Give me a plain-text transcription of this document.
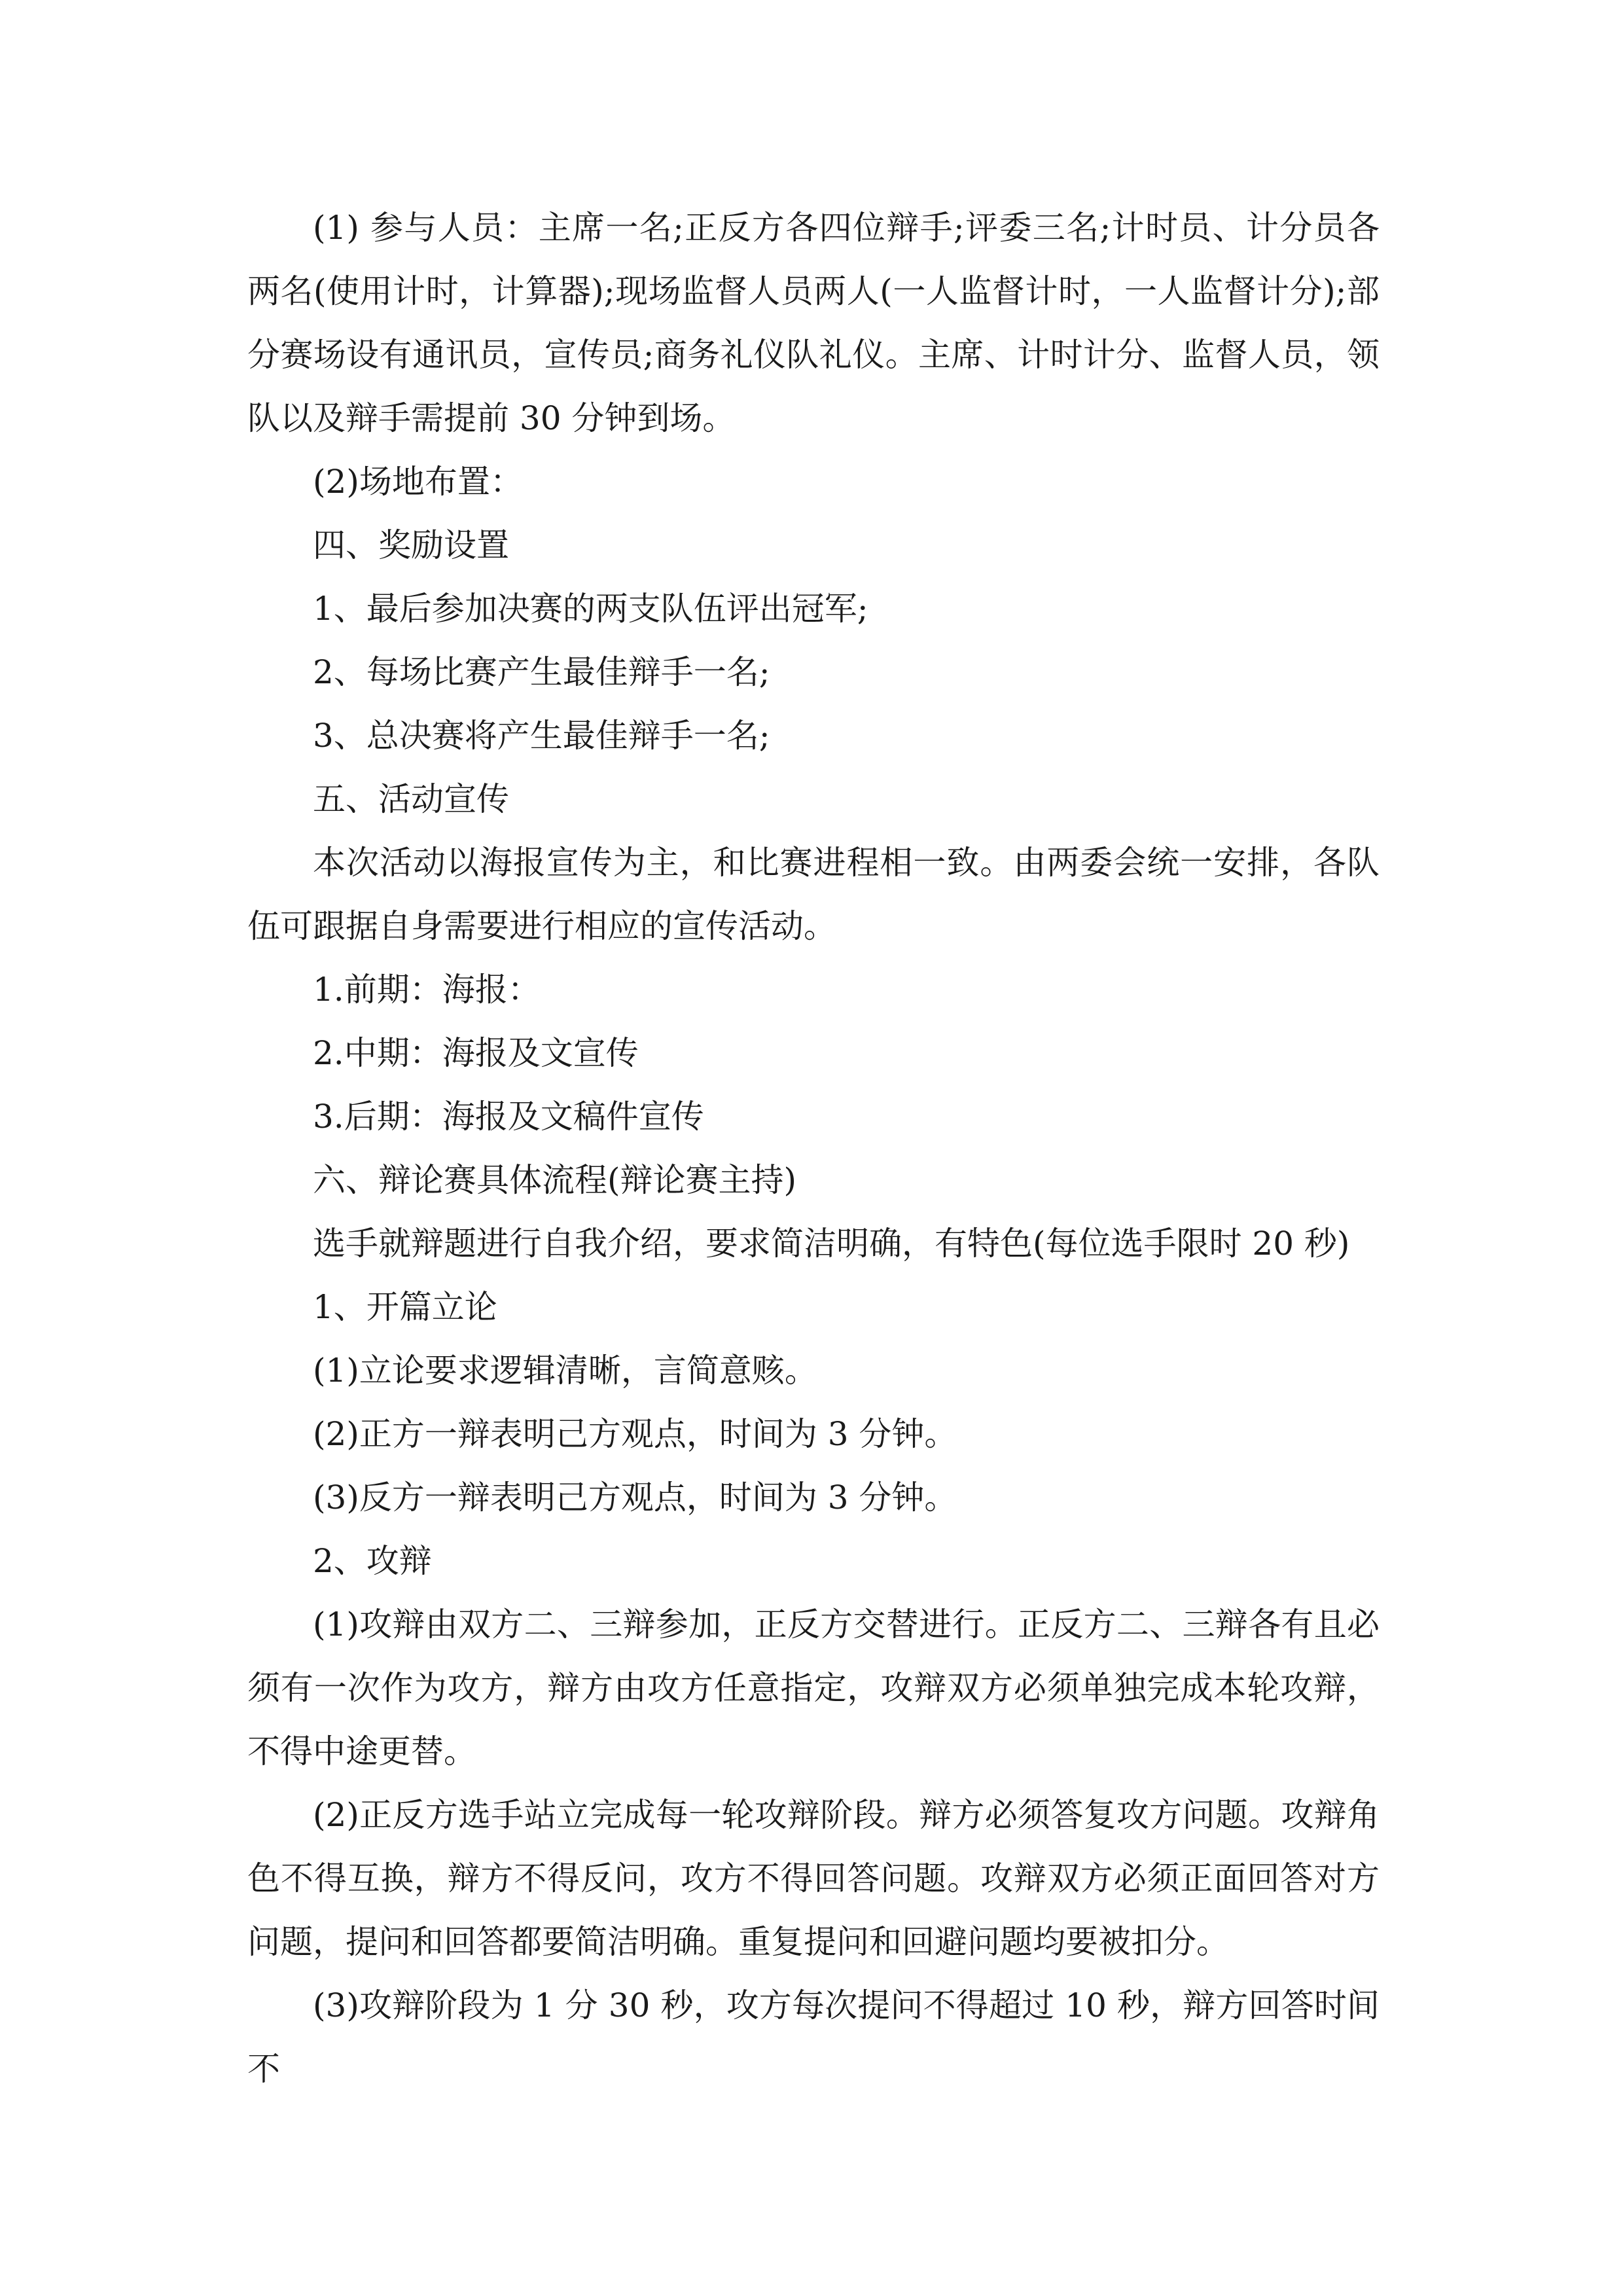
(1) 参与人员：主席一名;正反方各四位辩手;评委三名;计时员、计分员各两名(使用计时，计算器);现场监督人员两人(一人监督计时，一人监督计分);部分赛场设有通讯员，宣传员;商务礼仪队礼仪。主席、计时计分、监督人员，领队以及辩手需提前 30 分钟到场。

(2)场地布置：

四、奖励设置

1、最后参加决赛的两支队伍评出冠军;

2、每场比赛产生最佳辩手一名;

3、总决赛将产生最佳辩手一名;

五、活动宣传

本次活动以海报宣传为主，和比赛进程相一致。由两委会统一安排，各队伍可跟据自身需要进行相应的宣传活动。

1.前期：海报：

2.中期：海报及文宣传

3.后期：海报及文稿件宣传

六、辩论赛具体流程(辩论赛主持)

选手就辩题进行自我介绍，要求简洁明确，有特色(每位选手限时 20 秒)

1、开篇立论

(1)立论要求逻辑清晰，言简意赅。

(2)正方一辩表明己方观点，时间为 3 分钟。

(3)反方一辩表明己方观点，时间为 3 分钟。

2、攻辩

(1)攻辩由双方二、三辩参加，正反方交替进行。正反方二、三辩各有且必须有一次作为攻方，辩方由攻方任意指定，攻辩双方必须单独完成本轮攻辩，不得中途更替。

(2)正反方选手站立完成每一轮攻辩阶段。辩方必须答复攻方问题。攻辩角色不得互换，辩方不得反问，攻方不得回答问题。攻辩双方必须正面回答对方问题，提问和回答都要简洁明确。重复提问和回避问题均要被扣分。

(3)攻辩阶段为 1 分 30 秒，攻方每次提问不得超过 10 秒，辩方回答时间不
